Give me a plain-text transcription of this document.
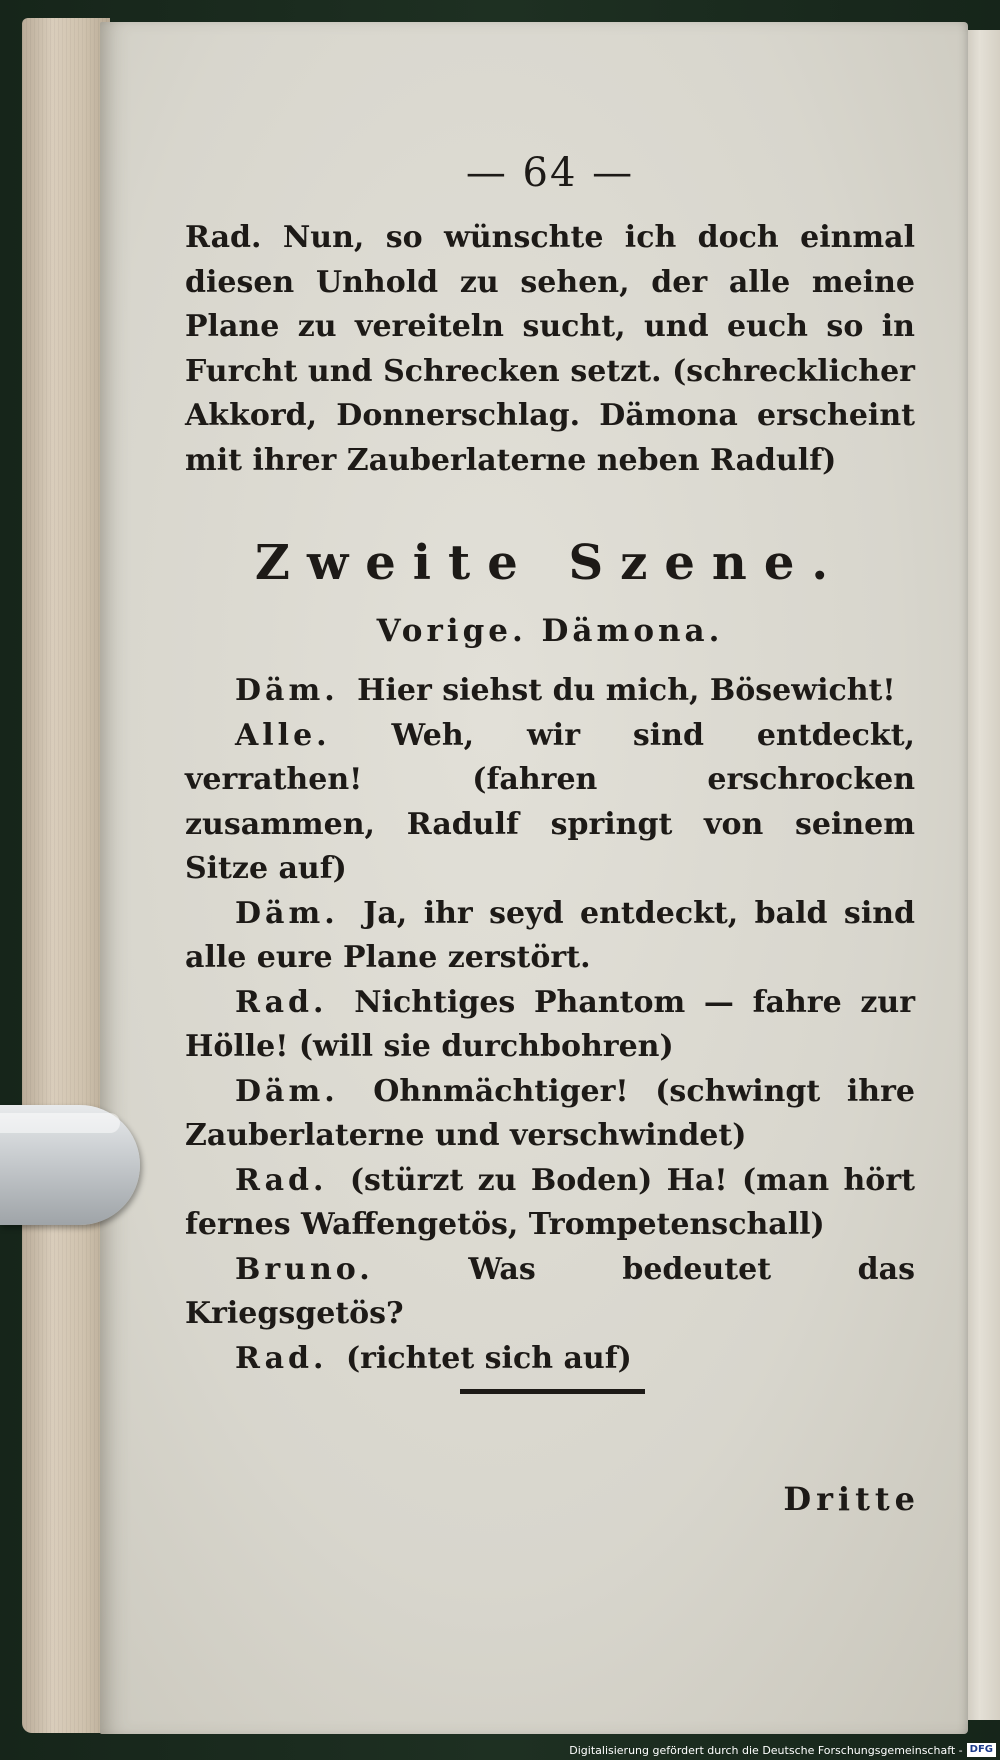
— 64 —
Rad. Nun, so wünschte ich doch einmal diesen Unhold zu sehen, der alle meine Plane zu vereiteln sucht, und euch so in Furcht und Schrecken setzt. (schrecklicher Akkord, Donnerschlag. Dämona erscheint mit ihrer Zauberlaterne neben Radulf)
Zweite Szene.
Vorige. Dämona.
Däm. Hier siehst du mich, Bösewicht!
Alle. Weh, wir sind entdeckt, verrathen! (fahren erschrocken zusammen, Radulf springt von seinem Sitze auf)
Däm. Ja, ihr seyd entdeckt, bald sind alle eure Plane zerstört.
Rad. Nichtiges Phantom — fahre zur Hölle! (will sie durchbohren)
Däm. Ohnmächtiger! (schwingt ihre Zauberlaterne und verschwindet)
Rad. (stürzt zu Boden) Ha! (man hört fernes Waffengetös, Trompetenschall)
Bruno.	Was bedeutet das Kriegsgetös?
Rad. (richtet sich auf)
Dritte
Digitalisierung gefördert durch die Deutsche Forschungsgemeinschaft - DFG
